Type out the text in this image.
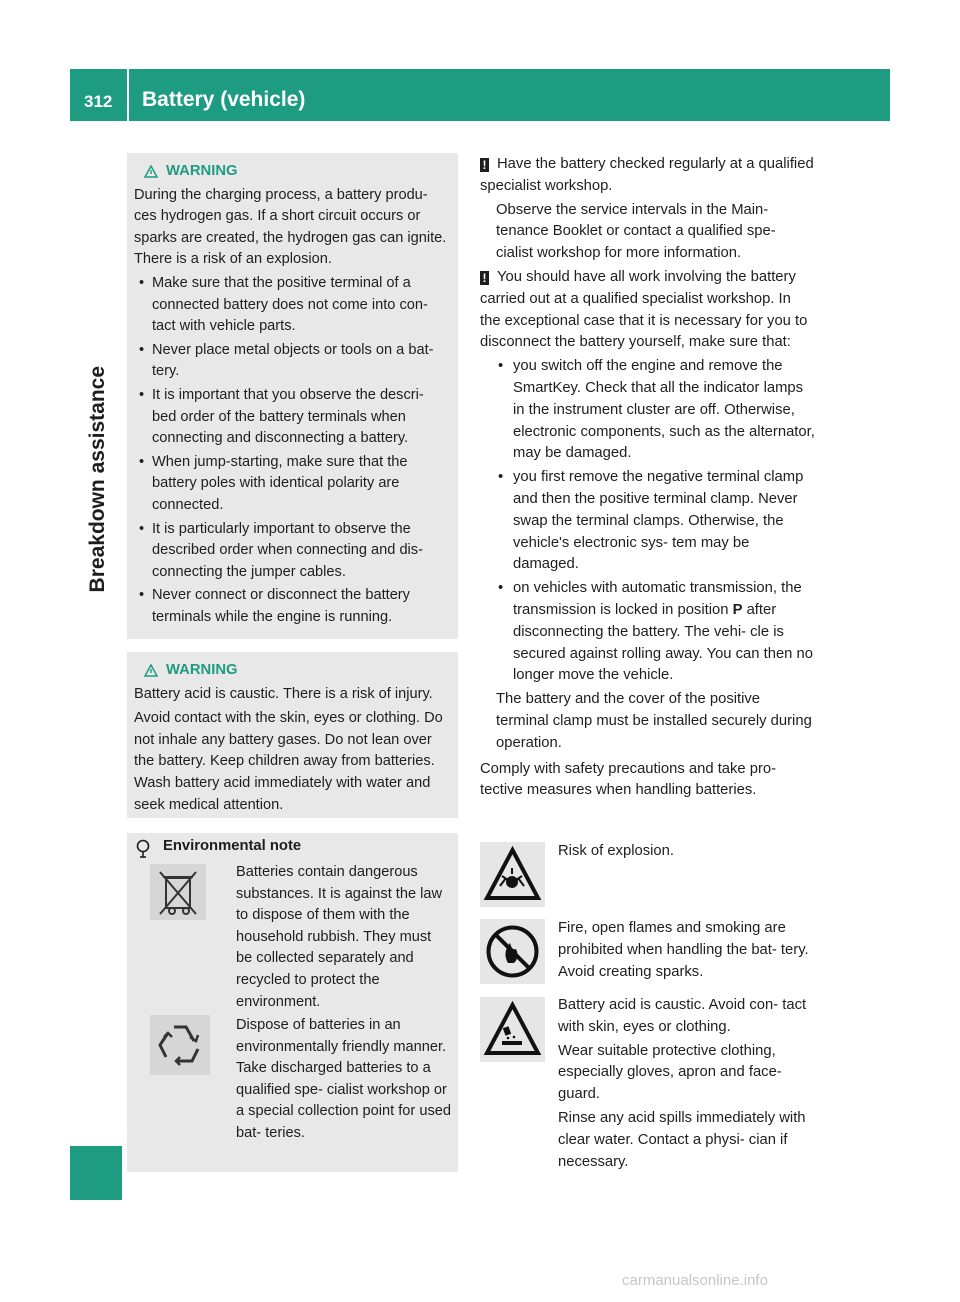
312 Battery (vehicle)
Breakdown assistance
WARNING

During the charging process, a battery produ- ces hydrogen gas. If a short circuit occurs or sparks are created, the hydrogen gas can ignite. There is a risk of an explosion.

• Make sure that the positive terminal of a connected battery does not come into con- tact with vehicle parts.
• Never place metal objects or tools on a bat- tery.
• It is important that you observe the descri- bed order of the battery terminals when connecting and disconnecting a battery.
• When jump-starting, make sure that the battery poles with identical polarity are connected.
• It is particularly important to observe the described order when connecting and dis- connecting the jumper cables.
• Never connect or disconnect the battery terminals while the engine is running.
WARNING

Battery acid is caustic. There is a risk of injury.

Avoid contact with the skin, eyes or clothing. Do not inhale any battery gases. Do not lean over the battery. Keep children away from batteries. Wash battery acid immediately with water and seek medical attention.

Environmental note
Batteries contain dangerous substances. It is against the law to dispose of them with the household rubbish. They must be collected separately and recycled to protect the environment.
Dispose of batteries in an environmentally friendly manner. Take discharged batteries to a qualified spe- cialist workshop or a special collection point for used bat- teries.

! Have the battery checked regularly at a qualified specialist workshop.

Observe the service intervals in the Main- tenance Booklet or contact a qualified spe- cialist workshop for more information.

! You should have all work involving the battery carried out at a qualified specialist workshop. In the exceptional case that it is necessary for you to disconnect the battery yourself, make sure that:

• you switch off the engine and remove the SmartKey. Check that all the indicator lamps in the instrument cluster are off. Otherwise, electronic components, such as the alternator, may be damaged.
• you first remove the negative terminal clamp and then the positive terminal clamp. Never swap the terminal clamps. Otherwise, the vehicle's electronic sys- tem may be damaged.
• on vehicles with automatic transmission, the transmission is locked in position P after disconnecting the battery. The vehi- cle is secured against rolling away. You can then no longer move the vehicle.

The battery and the cover of the positive terminal clamp must be installed securely during operation.

Comply with safety precautions and take pro- tective measures when handling batteries.

Risk of explosion.

Fire, open flames and smoking are prohibited when handling the bat- tery. Avoid creating sparks.

Battery acid is caustic. Avoid con- tact with skin, eyes or clothing.

Wear suitable protective clothing, especially gloves, apron and face- guard.

Rinse any acid spills immediately with clear water. Contact a physi- cian if necessary.

carmanualsonline.info
